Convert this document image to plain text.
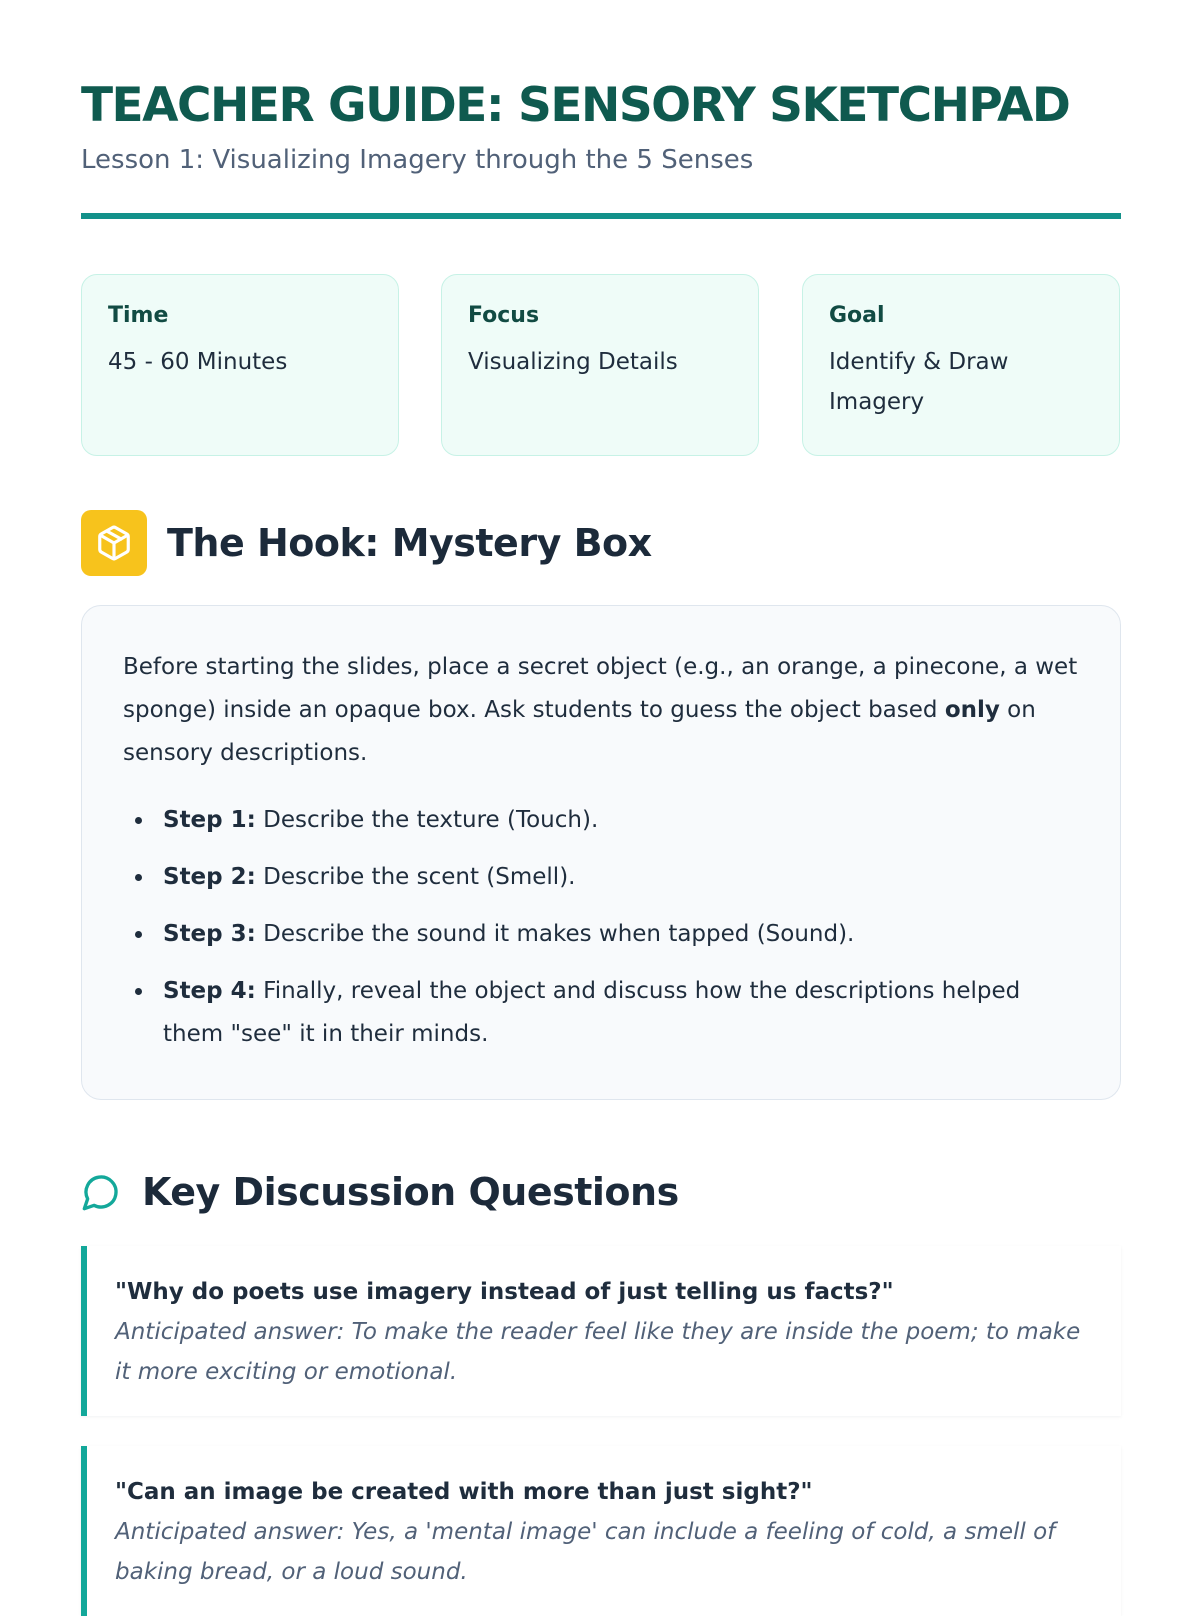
TEACHER GUIDE: SENSORY SKETCHPAD
Lesson 1: Visualizing Imagery through the 5 Senses
Time
45 - 60 Minutes
Focus
Visualizing Details
Goal
Identify & Draw Imagery
The Hook: Mystery Box

Before starting the slides, place a secret object (e.g., an orange, a pinecone, a wet sponge) inside an opaque box. Ask students to guess the object based only on sensory descriptions.

Step 1: Describe the texture (Touch).
Step 2: Describe the scent (Smell).
Step 3: Describe the sound it makes when tapped (Sound).
Step 4: Finally, reveal the object and discuss how the descriptions helped them "see" it in their minds.
Key Discussion Questions
"Why do poets use imagery instead of just telling us facts?"
Anticipated answer: To make the reader feel like they are inside the poem; to make it more exciting or emotional.
"Can an image be created with more than just sight?"
Anticipated answer: Yes, a 'mental image' can include a feeling of cold, a smell of baking bread, or a loud sound.
